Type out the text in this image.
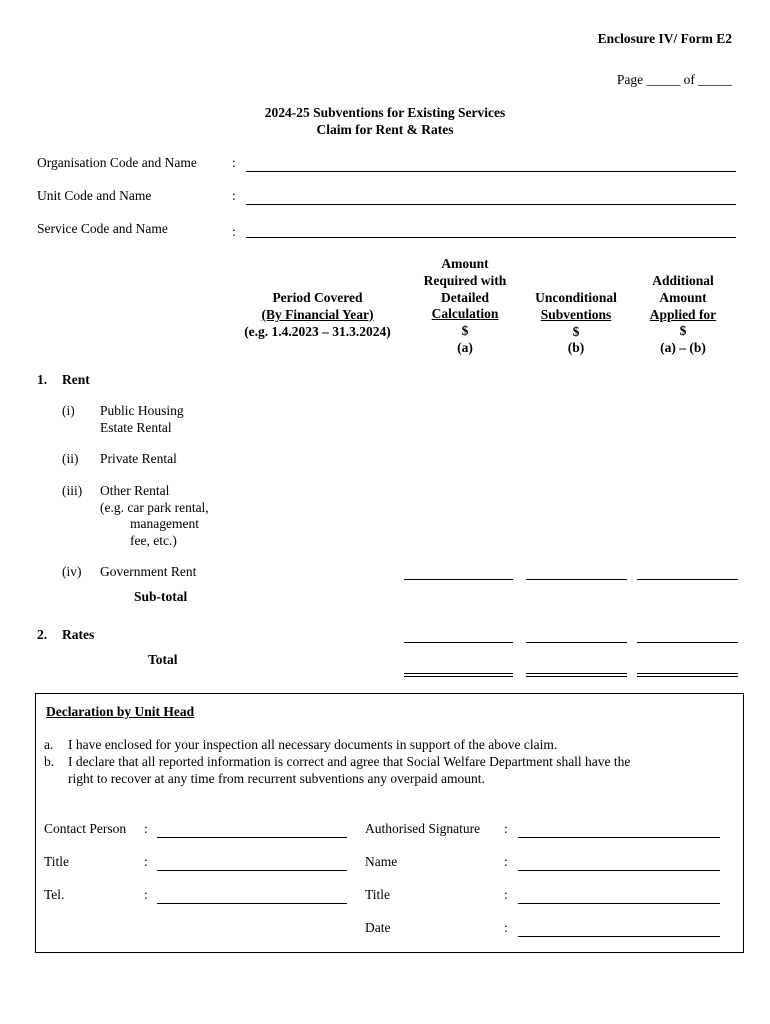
Enclosure IV/ Form E2
Page _____ of _____
2024-25 Subventions for Existing Services
Claim for Rent & Rates
Organisation Code and Name	:
Unit Code and Name	:
Service Code and Name	:
Period Covered
(By Financial Year)
(e.g. 1.4.2023 – 31.3.2024)
Amount
Required with
Detailed
Calculation
$
(a)
Unconditional
Subventions
$
(b)
Additional
Amount
Applied for
$
(a) – (b)
1. Rent
(i) Public Housing
Estate Rental
(ii) Private Rental
(iii) Other Rental
(e.g. car park rental,
management
fee, etc.)
(iv) Government Rent
Sub-total
2. Rates
Total
Declaration by Unit Head
a. I have enclosed for your inspection all necessary documents in support of the above claim.
b. I declare that all reported information is correct and agree that Social Welfare Department shall have the
right to recover at any time from recurrent subventions any overpaid amount.
Contact Person :
Title	:
Tel.	:
Authorised Signature :
Name	:
Title	:
Date	:
